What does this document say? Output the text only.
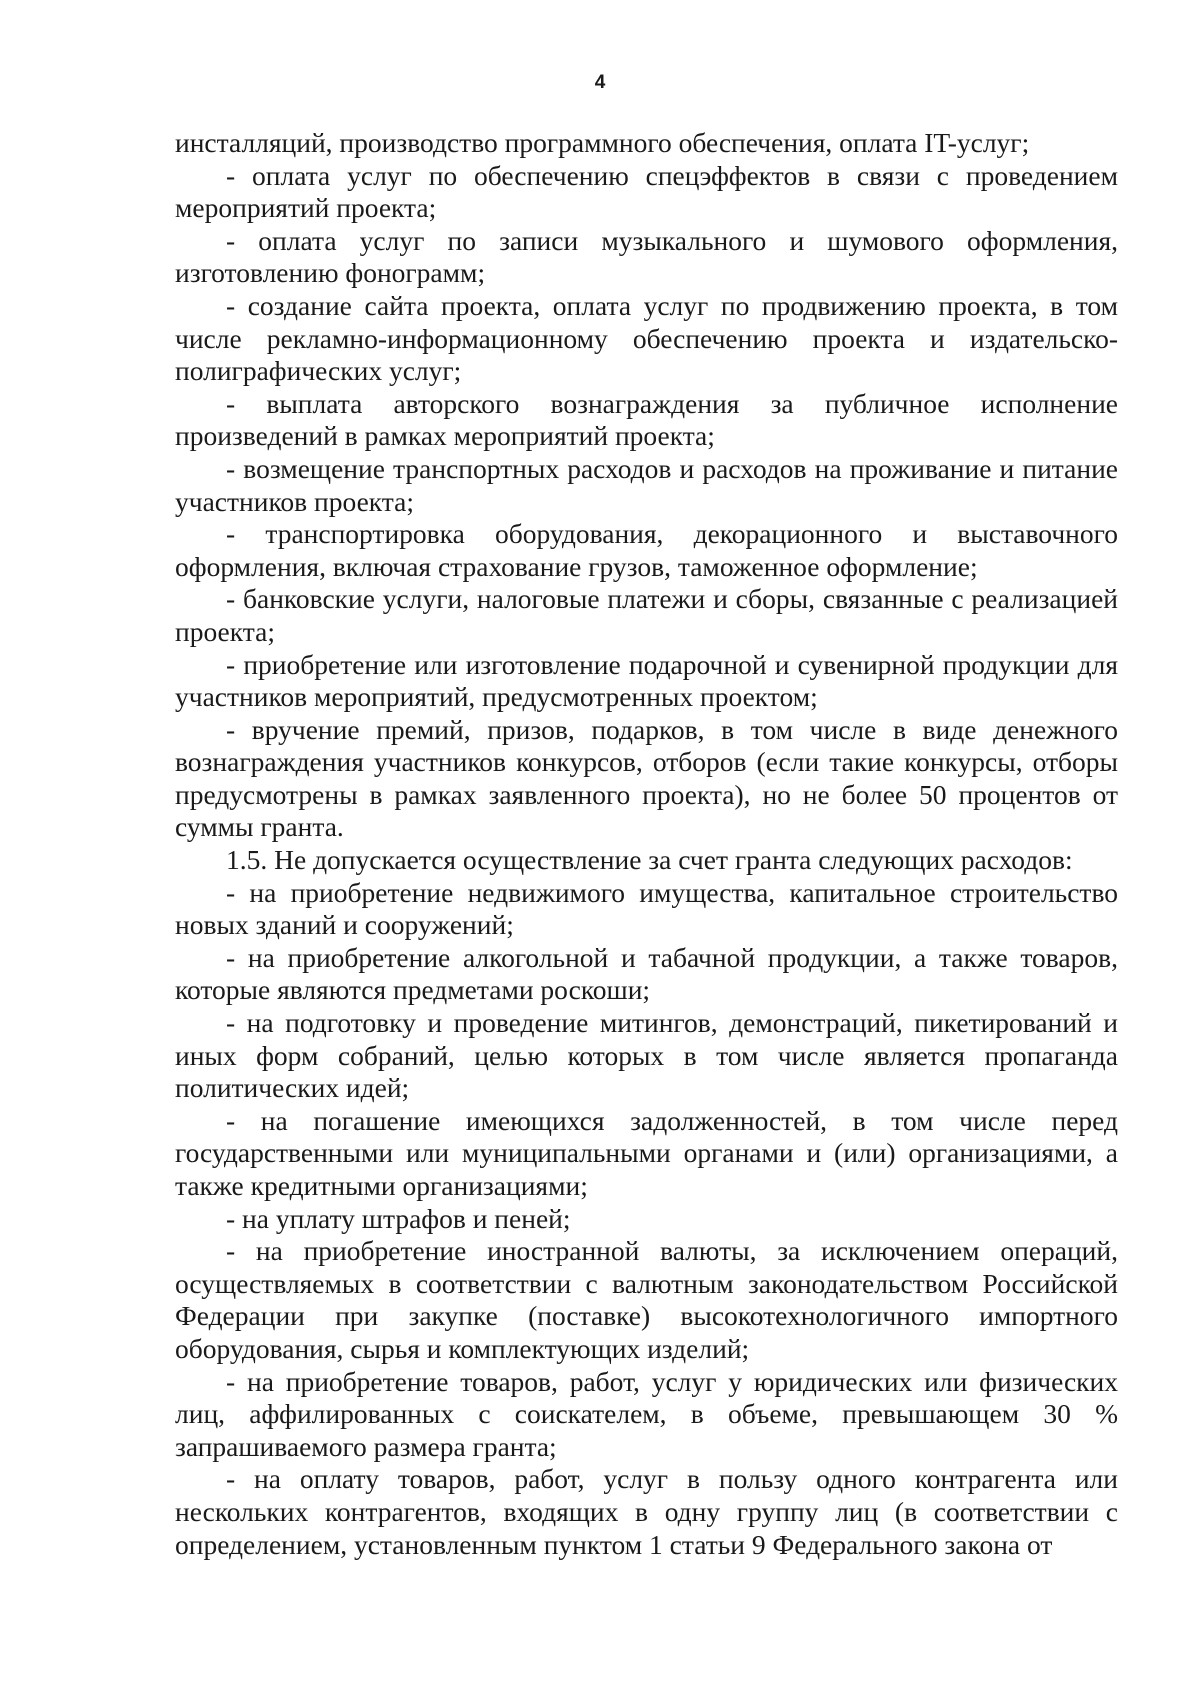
4

инсталляций, производство программного обеспечения, оплата IT-услуг;

- оплата услуг по обеспечению спецэффектов в связи с проведением мероприятий проекта;

- оплата услуг по записи музыкального и шумового оформления, изготовлению фонограмм;

- создание сайта проекта, оплата услуг по продвижению проекта, в том числе рекламно-информационному обеспечению проекта и издательско-полиграфических услуг;

- выплата авторского вознаграждения за публичное исполнение произведений в рамках мероприятий проекта;

- возмещение транспортных расходов и расходов на проживание и питание участников проекта;

- транспортировка оборудования, декорационного и выставочного оформления, включая страхование грузов, таможенное оформление;

- банковские услуги, налоговые платежи и сборы, связанные с реализацией проекта;

- приобретение или изготовление подарочной и сувенирной продукции для участников мероприятий, предусмотренных проектом;

- вручение премий, призов, подарков, в том числе в виде денежного вознаграждения участников конкурсов, отборов (если такие конкурсы, отборы предусмотрены в рамках заявленного проекта), но не более 50 процентов от суммы гранта.

1.5. Не допускается осуществление за счет гранта следующих расходов:

- на приобретение недвижимого имущества, капитальное строительство новых зданий и сооружений;

- на приобретение алкогольной и табачной продукции, а также товаров, которые являются предметами роскоши;

- на подготовку и проведение митингов, демонстраций, пикетирований и иных форм собраний, целью которых в том числе является пропаганда политических идей;

- на погашение имеющихся задолженностей, в том числе перед государственными или муниципальными органами и (или) организациями, а также кредитными организациями;

- на уплату штрафов и пеней;

- на приобретение иностранной валюты, за исключением операций, осуществляемых в соответствии с валютным законодательством Российской Федерации при закупке (поставке) высокотехнологичного импортного оборудования, сырья и комплектующих изделий;

- на приобретение товаров, работ, услуг у юридических или физических лиц, аффилированных с соискателем, в объеме, превышающем 30 % запрашиваемого размера гранта;

- на оплату товаров, работ, услуг в пользу одного контрагента или нескольких контрагентов, входящих в одну группу лиц (в соответствии с определением, установленным пунктом 1 статьи 9 Федерального закона от
